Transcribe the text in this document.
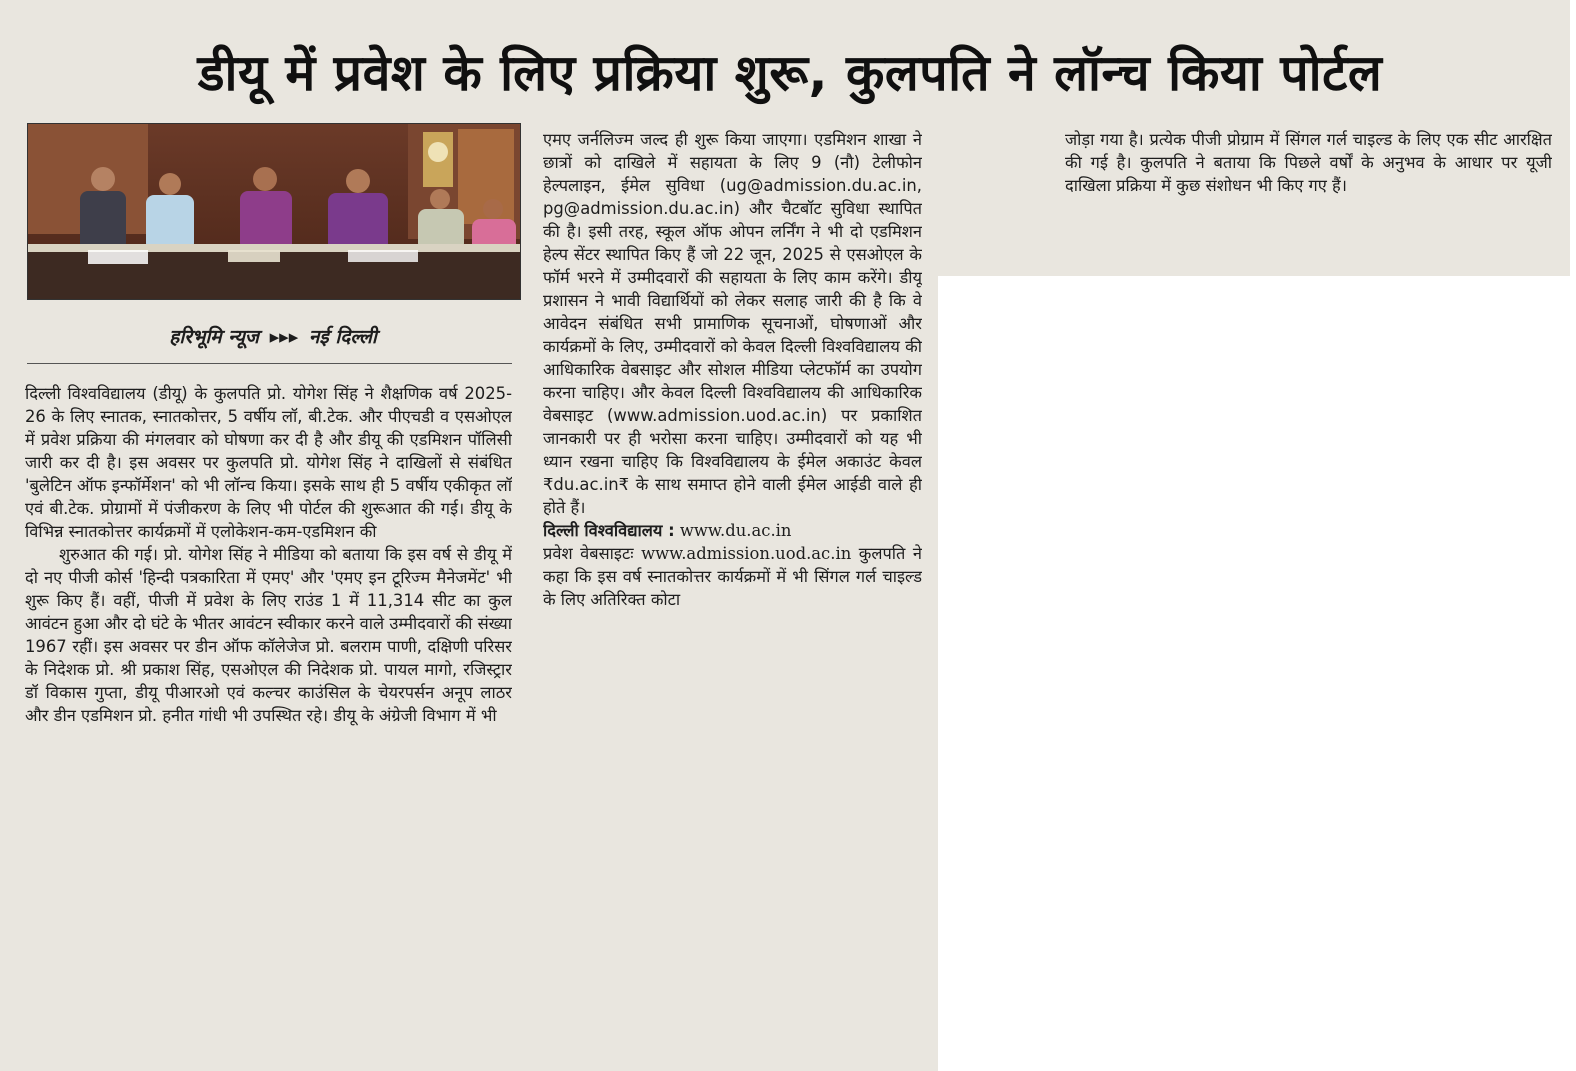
डीयू में प्रवेश के लिए प्रक्रिया शुरू, कुलपति ने लॉन्च किया पोर्टल
हरिभूमि न्यूज ▸▸▸ नई दिल्ली

दिल्ली विश्वविद्यालय (डीयू) के कुलपति प्रो. योगेश सिंह ने शैक्षणिक वर्ष 2025-26 के लिए स्नातक, स्नातकोत्तर, 5 वर्षीय लॉ, बी.टेक. और पीएचडी व एसओएल में प्रवेश प्रक्रिया की मंगलवार को घोषणा कर दी है और डीयू की एडमिशन पॉलिसी जारी कर दी है। इस अवसर पर कुलपति प्रो. योगेश सिंह ने दाखिलों से संबंधित 'बुलेटिन ऑफ इन्फॉर्मेशन' को भी लॉन्च किया। इसके साथ ही 5 वर्षीय एकीकृत लॉ एवं बी.टेक. प्रोग्रामों में पंजीकरण के लिए भी पोर्टल की शुरूआत की गई। डीयू के विभिन्न स्नातकोत्तर कार्यक्रमों में एलोकेशन-कम-एडमिशन की

शुरुआत की गई। प्रो. योगेश सिंह ने मीडिया को बताया कि इस वर्ष से डीयू में दो नए पीजी कोर्स 'हिन्दी पत्रकारिता में एमए' और 'एमए इन टूरिज्म मैनेजमेंट' भी शुरू किए हैं। वहीं, पीजी में प्रवेश के लिए राउंड 1 में 11,314 सीट का कुल आवंटन हुआ और दो घंटे के भीतर आवंटन स्वीकार करने वाले उम्मीदवारों की संख्या 1967 रहीं। इस अवसर पर डीन ऑफ कॉलेजेज प्रो. बलराम पाणी, दक्षिणी परिसर के निदेशक प्रो. श्री प्रकाश सिंह, एसओएल की निदेशक प्रो. पायल मागो, रजिस्ट्रार डॉ विकास गुप्ता, डीयू पीआरओ एवं कल्चर काउंसिल के चेयरपर्सन अनूप लाठर और डीन एडमिशन प्रो. हनीत गांधी भी उपस्थित रहे। डीयू के अंग्रेजी विभाग में भी

एमए जर्नलिज्म जल्द ही शुरू किया जाएगा। एडमिशन शाखा ने छात्रों को दाखिले में सहायता के लिए 9 (नौ) टेलीफोन हेल्पलाइन, ईमेल सुविधा (ug@admission.du.ac.in, pg@admission.du.ac.in) और चैटबॉट सुविधा स्थापित की है। इसी तरह, स्कूल ऑफ ओपन लर्निंग ने भी दो एडमिशन हेल्प सेंटर स्थापित किए हैं जो 22 जून, 2025 से एसओएल के फॉर्म भरने में उम्मीदवारों की सहायता के लिए काम करेंगे। डीयू प्रशासन ने भावी विद्यार्थियों को लेकर सलाह जारी की है कि वे आवेदन संबंधित सभी प्रामाणिक सूचनाओं, घोषणाओं और कार्यक्रमों के लिए, उम्मीदवारों को केवल दिल्ली विश्वविद्यालय की आधिकारिक वेबसाइट और सोशल मीडिया प्लेटफॉर्म का उपयोग करना चाहिए। और केवल दिल्ली विश्वविद्यालय की आधिकारिक वेबसाइट (www.admission.uod.ac.in) पर प्रकाशित जानकारी पर ही भरोसा करना चाहिए। उम्मीदवारों को यह भी ध्यान रखना चाहिए कि विश्वविद्यालय के ईमेल अकाउंट केवल ₹du.ac.in₹ के साथ समाप्त होने वाली ईमेल आईडी वाले ही होते हैं।

दिल्ली विश्वविद्यालय : www.du.ac.in

प्रवेश वेबसाइटः www.admission.uod.ac.in कुलपति ने कहा कि इस वर्ष स्नातकोत्तर कार्यक्रमों में भी सिंगल गर्ल चाइल्ड के लिए अतिरिक्त कोटा

जोड़ा गया है। प्रत्येक पीजी प्रोग्राम में सिंगल गर्ल चाइल्ड के लिए एक सीट आरक्षित की गई है। कुलपति ने बताया कि पिछले वर्षों के अनुभव के आधार पर यूजी दाखिला प्रक्रिया में कुछ संशोधन भी किए गए हैं।
